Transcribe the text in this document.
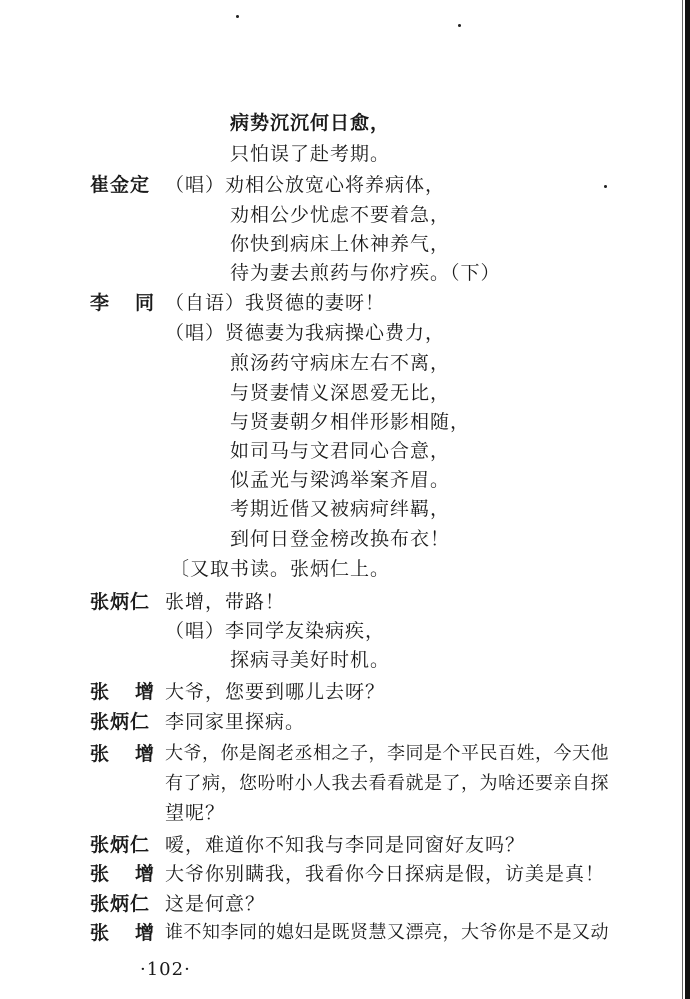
病势沉沉何日愈，
只怕误了赴考期。
崔金定 （唱）劝相公放宽心将养病体，
劝相公少忧虑不要着急，
你快到病床上休神养气，
待为妻去煎药与你疗疾。（下）
李同
（自语）我贤德的妻呀！
（唱）贤德妻为我病操心费力，
煎汤药守病床左右不离，
与贤妻情义深恩爱无比，
与贤妻朝夕相伴形影相随，
如司马与文君同心合意，
似孟光与梁鸿举案齐眉。
考期近偕又被病疴绊羁，
到何日登金榜改换布衣！
〔又取书读。张炳仁上。
张炳仁 张增，带路！
（唱）李同学友染病疾，
探病寻美好时机。
张增
大爷，您要到哪儿去呀？
张炳仁 李同家里探病。
张增
大爷，你是阁老丞相之子，李同是个平民百姓，今天他
有了病，您吩咐小人我去看看就是了，为啥还要亲自探
望呢？
张炳仁 嗳，难道你不知我与李同是同窗好友吗？
张增
大爷你别瞒我，我看你今日探病是假，访美是真！
张炳仁 这是何意？
张增
谁不知李同的媳妇是既贤慧又漂亮，大爷你是不是又动
·102·
